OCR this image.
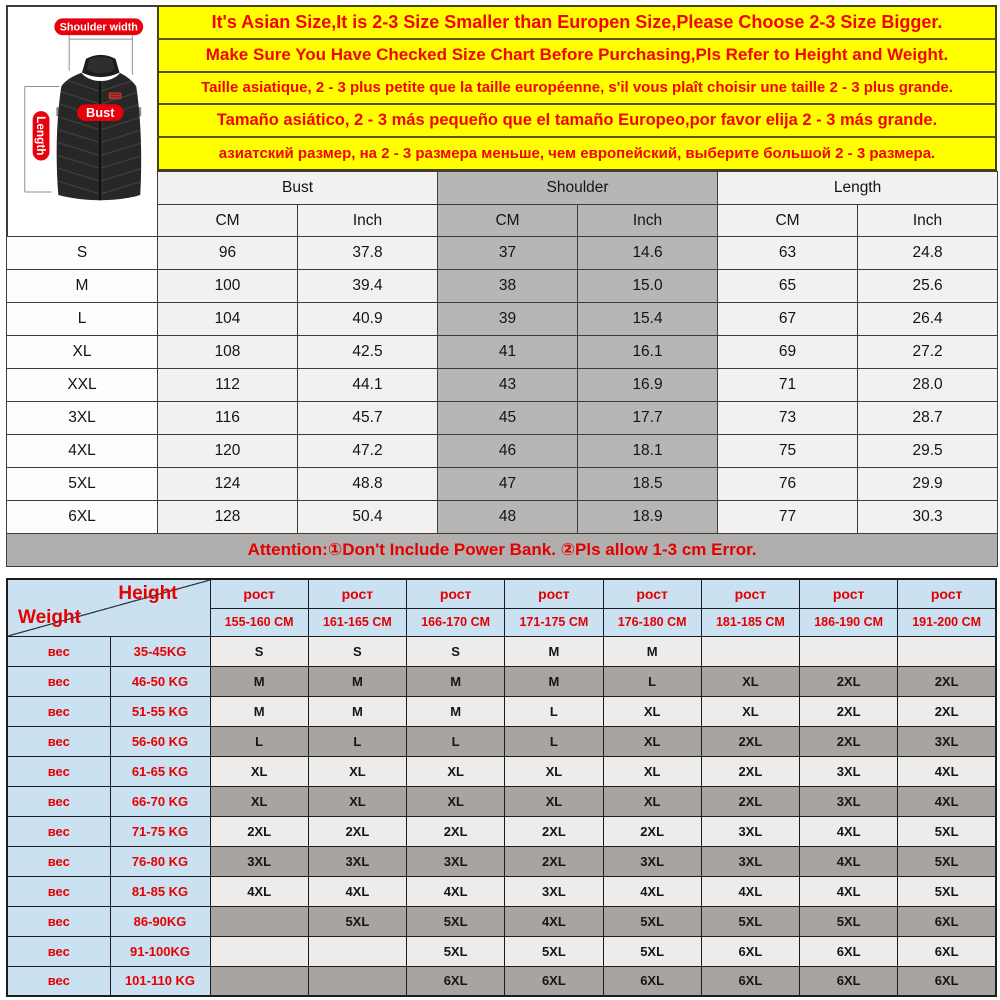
Shoulder width
Bust
Length
It's Asian Size,It is 2-3 Size Smaller than Europen Size,Please Choose 2-3 Size Bigger.
Make Sure You Have Checked Size Chart Before Purchasing,Pls Refer to Height and Weight.
Taille asiatique, 2 - 3 plus petite que la taille européenne, s'il vous plaît choisir une taille 2 - 3 plus grande.
Tamaño asiático, 2 - 3 más pequeño que el tamaño Europeo,por favor elija 2 - 3 más grande.
азиатский размер, на 2 - 3 размера меньше, чем европейский, выберите большой 2 - 3 размера.
	Bust		Shoulder		Length	
	CM	Inch	CM	Inch	CM	Inch
S	96	37.8	37	14.6	63	24.8
M	100	39.4	38	15.0	65	25.6
L	104	40.9	39	15.4	67	26.4
XL	108	42.5	41	16.1	69	27.2
XXL	112	44.1	43	16.9	71	28.0
3XL	116	45.7	45	17.7	73	28.7
4XL	120	47.2	46	18.1	75	29.5
5XL	124	48.8	47	18.5	76	29.9
6XL	128	50.4	48	18.9	77	30.3
Attention:①Don't Include Power Bank. ②Pls allow 1-3 cm Error.						
Height
Weight		рост	рост	рост	рост	рост	рост	рост	рост
		155-160 CM	161-165 CM	166-170 CM	171-175 CM	176-180 CM	181-185 CM	186-190 CM	191-200 CM
вес	35-45KG	S	S	S	M	M			
вес	46-50 KG	M	M	M	M	L	XL	2XL	2XL
вес	51-55 KG	M	M	M	L	XL	XL	2XL	2XL
вес	56-60 KG	L	L	L	L	XL	2XL	2XL	3XL
вес	61-65 KG	XL	XL	XL	XL	XL	2XL	3XL	4XL
вес	66-70 KG	XL	XL	XL	XL	XL	2XL	3XL	4XL
вес	71-75 KG	2XL	2XL	2XL	2XL	2XL	3XL	4XL	5XL
вес	76-80 KG	3XL	3XL	3XL	2XL	3XL	3XL	4XL	5XL
вес	81-85 KG	4XL	4XL	4XL	3XL	4XL	4XL	4XL	5XL
вес	86-90KG		5XL	5XL	4XL	5XL	5XL	5XL	6XL
вес	91-100KG			5XL	5XL	5XL	6XL	6XL	6XL
вес	101-110 KG			6XL	6XL	6XL	6XL	6XL	6XL
